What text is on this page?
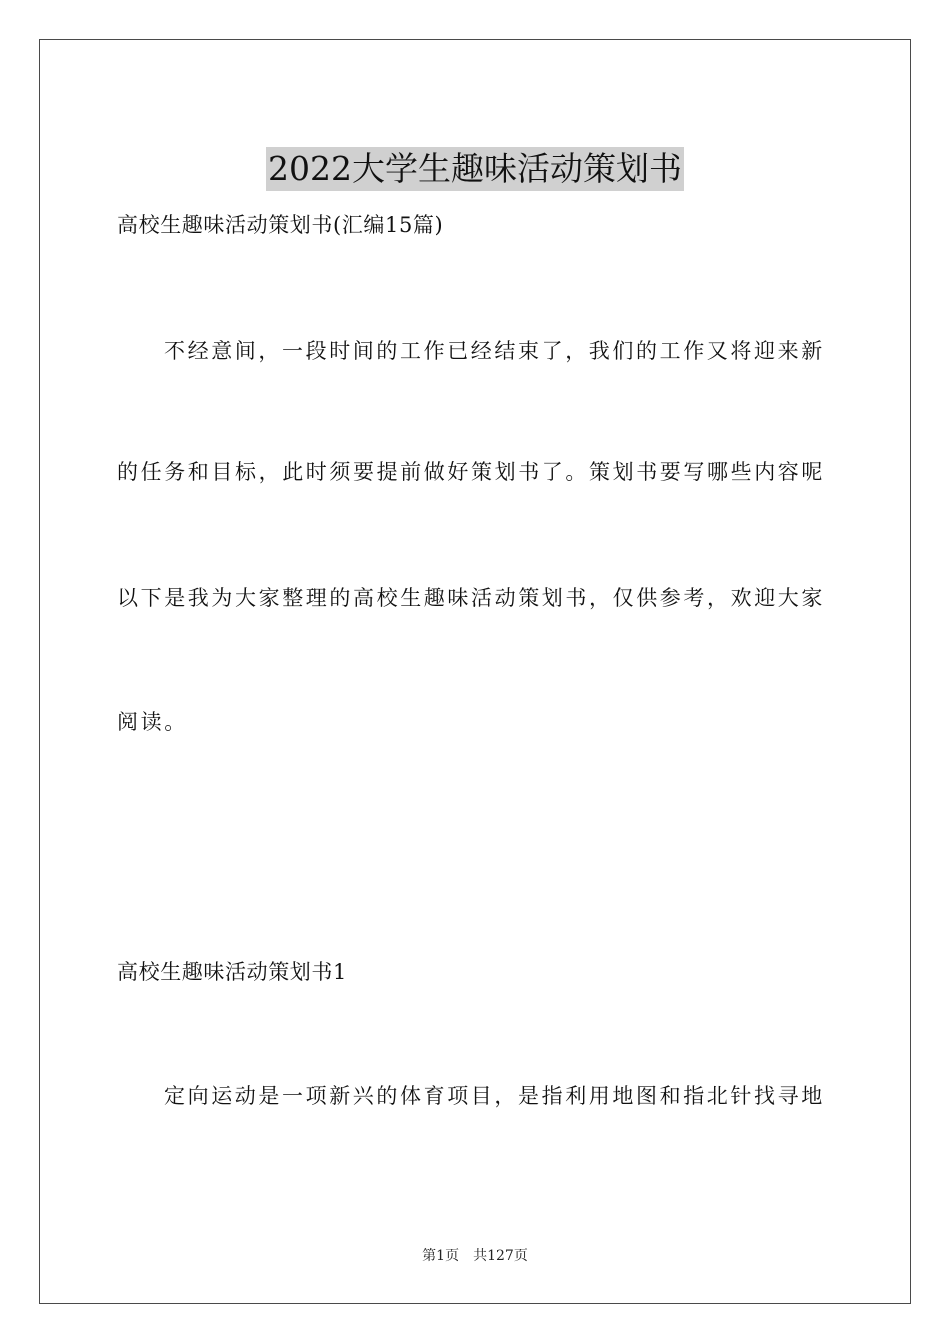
2022大学生趣味活动策划书
高校生趣味活动策划书(汇编15篇)
不经意间，一段时间的工作已经结束了，我们的工作又将迎来新
的任务和目标，此时须要提前做好策划书了。策划书要写哪些内容呢
以下是我为大家整理的高校生趣味活动策划书，仅供参考，欢迎大家
阅读。
高校生趣味活动策划书1
定向运动是一项新兴的体育项目，是指利用地图和指北针找寻地
第1页 共127页
